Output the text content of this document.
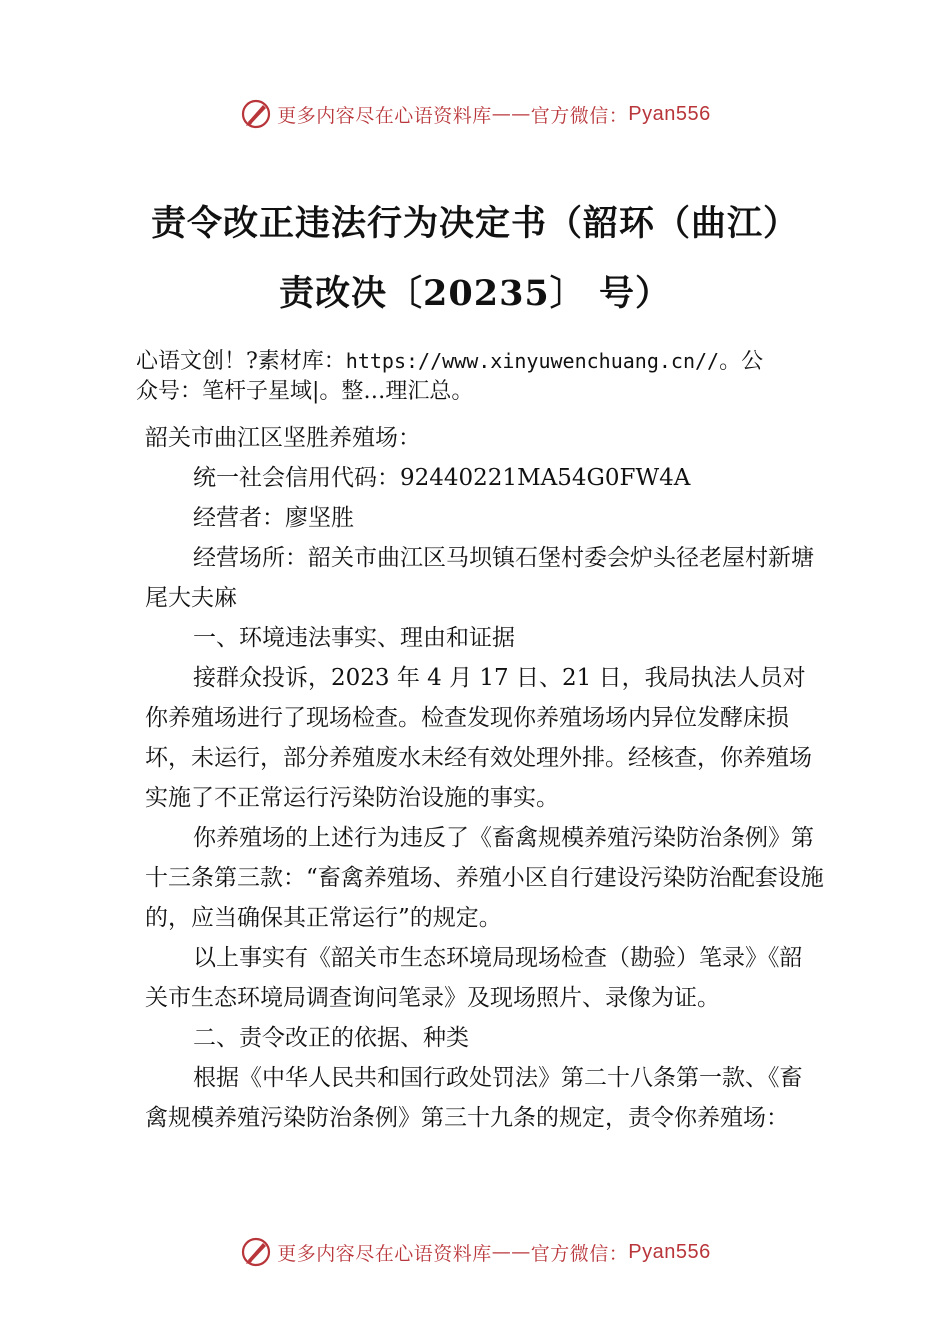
更多内容尽在心语资料库 —— 官方微信： Pyan556
责令改正违法行为决定书（韶环（曲江）
责改决〔20235〕 号）
心语文创！?素材库：https://www.xinyuwenchuang.cn//。公
众号：笔杆子星域|。整…理汇总。

韶关市曲江区坚胜养殖场：

统一社会信用代码：92440221MA54G0FW4A

经营者：廖坚胜

经营场所：韶关市曲江区马坝镇石堡村委会炉头径老屋村新塘尾大夫麻

一、环境违法事实、理由和证据

接群众投诉，2023 年 4 月 17 日、21 日，我局执法人员对你养殖场进行了现场检查。检查发现你养殖场场内异位发酵床损坏，未运行，部分养殖废水未经有效处理外排。经核查，你养殖场实施了不正常运行污染防治设施的事实。

你养殖场的上述行为违反了《畜禽规模养殖污染防治条例》第十三条第三款：“畜禽养殖场、养殖小区自行建设污染防治配套设施的，应当确保其正常运行”的规定。

以上事实有《韶关市生态环境局现场检查（勘验）笔录》《韶关市生态环境局调查询问笔录》及现场照片、录像为证。

二、责令改正的依据、种类

根据《中华人民共和国行政处罚法》第二十八条第一款、《畜禽规模养殖污染防治条例》第三十九条的规定，责令你养殖场：

更多内容尽在心语资料库 —— 官方微信： Pyan556
